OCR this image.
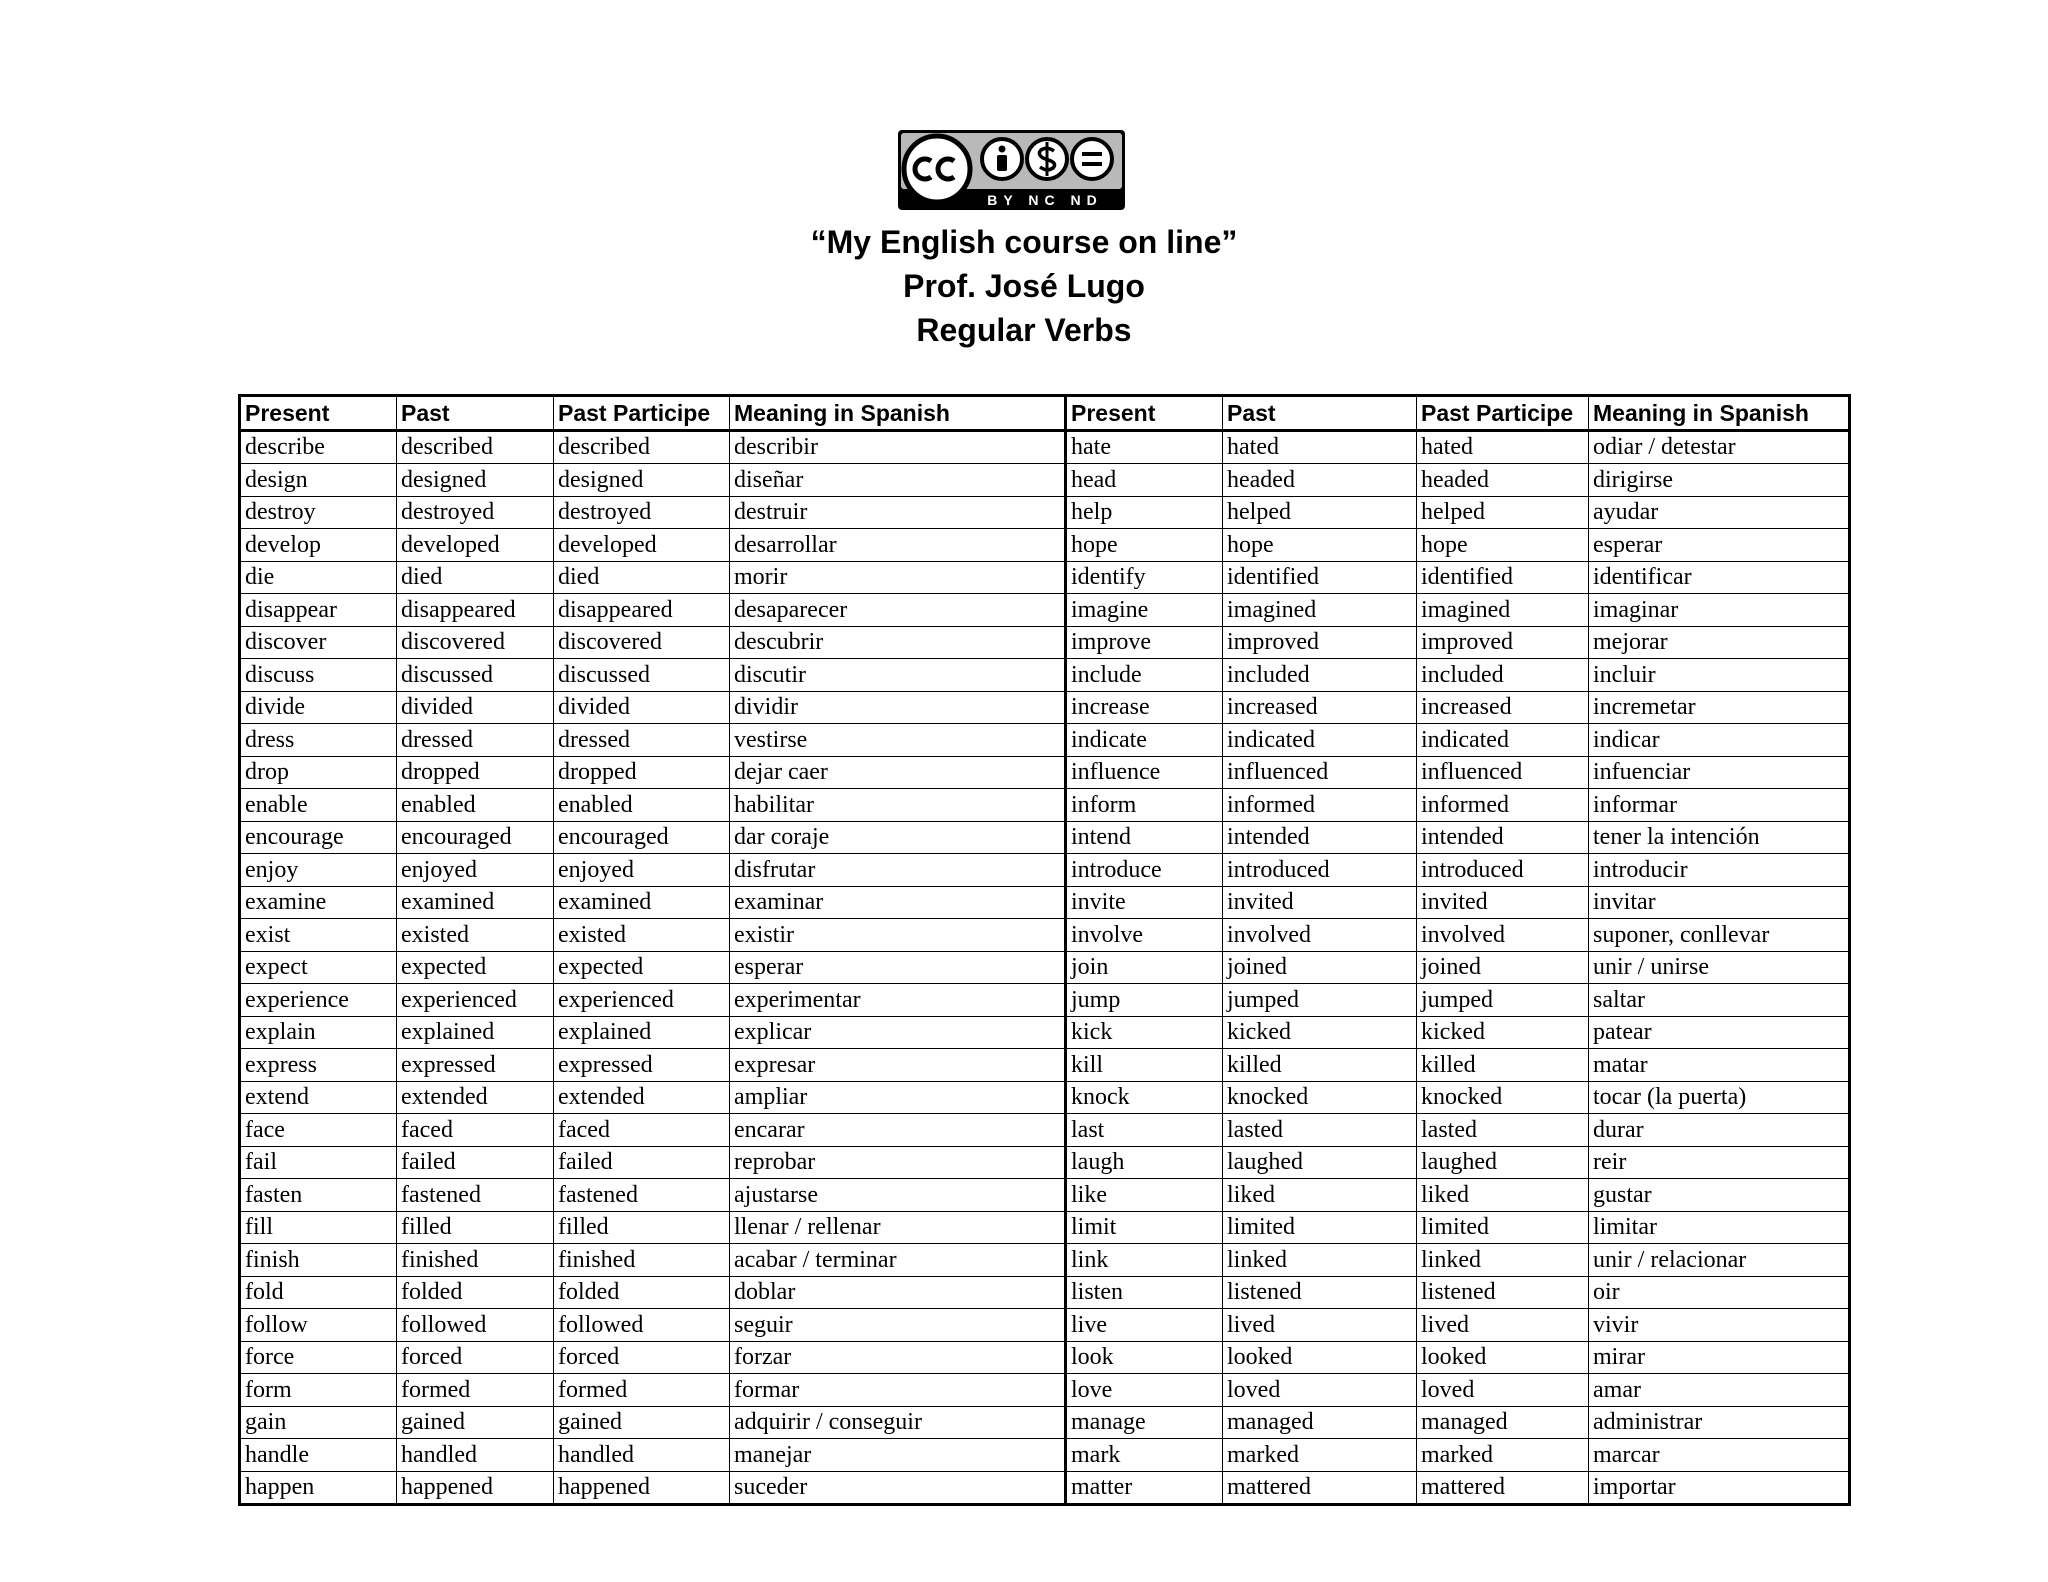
BY NC ND
“My English course on line”
Prof. José Lugo
Regular Verbs
Present	Past	Past Participe	Meaning in Spanish	Present	Past	Past Participe	Meaning in Spanish
describe	described	described	describir	hate	hated	hated	odiar / detestar
design	designed	designed	diseñar	head	headed	headed	dirigirse
destroy	destroyed	destroyed	destruir	help	helped	helped	ayudar
develop	developed	developed	desarrollar	hope	hope	hope	esperar
die	died	died	morir	identify	identified	identified	identificar
disappear	disappeared	disappeared	desaparecer	imagine	imagined	imagined	imaginar
discover	discovered	discovered	descubrir	improve	improved	improved	mejorar
discuss	discussed	discussed	discutir	include	included	included	incluir
divide	divided	divided	dividir	increase	increased	increased	incremetar
dress	dressed	dressed	vestirse	indicate	indicated	indicated	indicar
drop	dropped	dropped	dejar caer	influence	influenced	influenced	infuenciar
enable	enabled	enabled	habilitar	inform	informed	informed	informar
encourage	encouraged	encouraged	dar coraje	intend	intended	intended	tener la intención
enjoy	enjoyed	enjoyed	disfrutar	introduce	introduced	introduced	introducir
examine	examined	examined	examinar	invite	invited	invited	invitar
exist	existed	existed	existir	involve	involved	involved	suponer, conllevar
expect	expected	expected	esperar	join	joined	joined	unir / unirse
experience	experienced	experienced	experimentar	jump	jumped	jumped	saltar
explain	explained	explained	explicar	kick	kicked	kicked	patear
express	expressed	expressed	expresar	kill	killed	killed	matar
extend	extended	extended	ampliar	knock	knocked	knocked	tocar (la puerta)
face	faced	faced	encarar	last	lasted	lasted	durar
fail	failed	failed	reprobar	laugh	laughed	laughed	reir
fasten	fastened	fastened	ajustarse	like	liked	liked	gustar
fill	filled	filled	llenar / rellenar	limit	limited	limited	limitar
finish	finished	finished	acabar / terminar	link	linked	linked	unir / relacionar
fold	folded	folded	doblar	listen	listened	listened	oir
follow	followed	followed	seguir	live	lived	lived	vivir
force	forced	forced	forzar	look	looked	looked	mirar
form	formed	formed	formar	love	loved	loved	amar
gain	gained	gained	adquirir / conseguir	manage	managed	managed	administrar
handle	handled	handled	manejar	mark	marked	marked	marcar
happen	happened	happened	suceder	matter	mattered	mattered	importar
